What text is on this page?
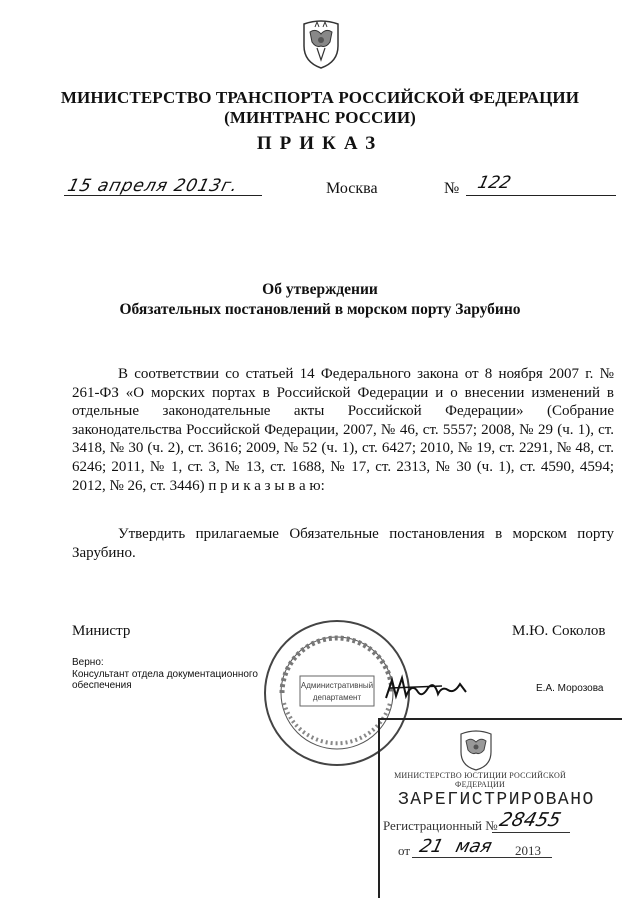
МИНИСТЕРСТВО ТРАНСПОРТА РОССИЙСКОЙ ФЕДЕРАЦИИ
(МИНТРАНС РОССИИ)
ПРИКАЗ
15 апреля 2013г.	Москва	№ 122
Об утверждении
Обязательных постановлений в морском порту Зарубино
В соответствии со статьей 14 Федерального закона от 8 ноября 2007 г. № 261-ФЗ «О морских портах в Российской Федерации и о внесении изменений в отдельные законодательные акты Российской Федерации» (Собрание законодательства Российской Федерации, 2007, № 46, ст. 5557; 2008, № 29 (ч. 1), ст. 3418, № 30 (ч. 2), ст. 3616; 2009, № 52 (ч. 1), ст. 6427; 2010, № 19, ст. 2291, № 48, ст. 6246; 2011, № 1, ст. 3, № 13, ст. 1688, № 17, ст. 2313, № 30 (ч. 1), ст. 4590, 4594; 2012, № 26, ст. 3446) п р и к а з ы в а ю:
Утвердить прилагаемые Обязательные постановления в морском порту Зарубино.
Министр	М.Ю. Соколов
Административный
департамент
Верно:
Консультант отдела документационного
обеспечения	Е.А. Морозова
МИНИСТЕРСТВО ЮСТИЦИИ РОССИЙСКОЙ ФЕДЕРАЦИИ
ЗАРЕГИСТРИРОВАНО
Регистрационный № 28455
от 21 мая 2013
